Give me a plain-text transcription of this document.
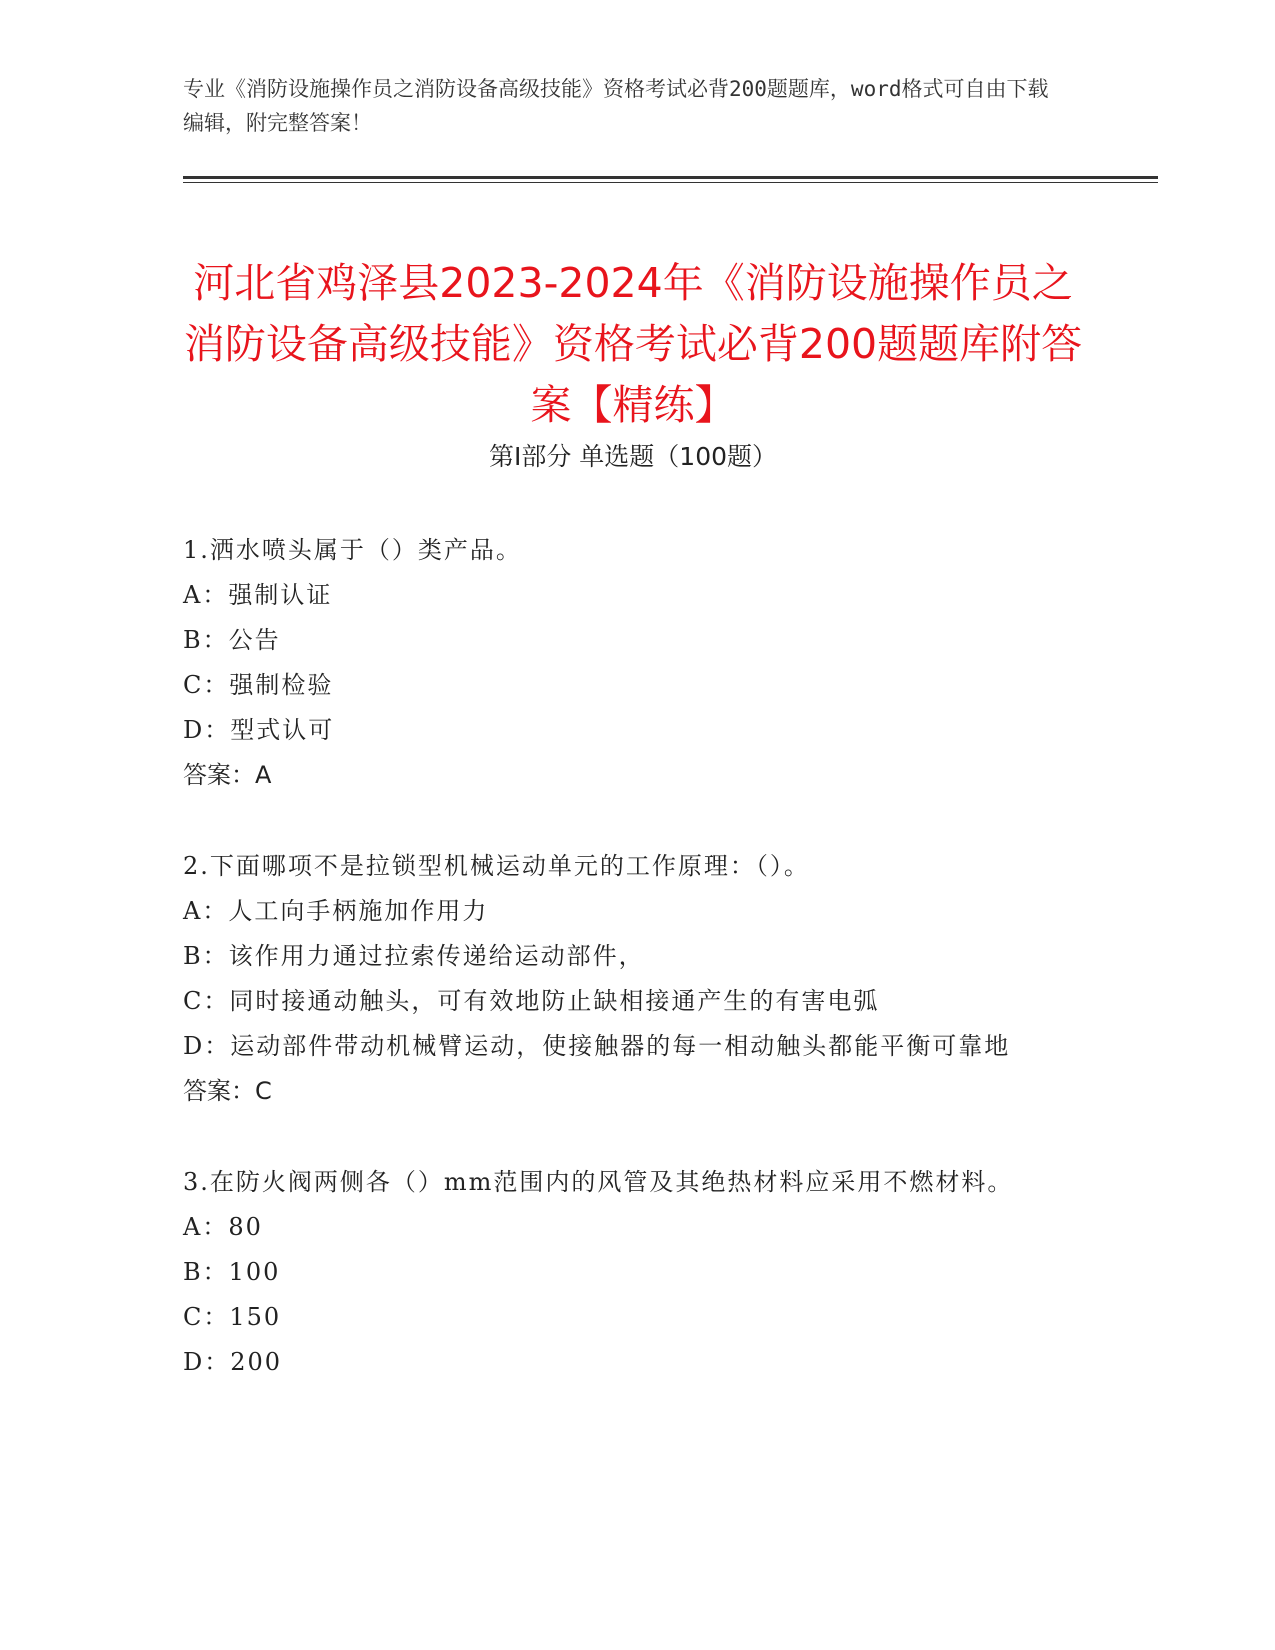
专业《消防设施操作员之消防设备高级技能》资格考试必背200题题库，word格式可自由下载编辑，附完整答案！
河北省鸡泽县2023-2024年《消防设施操作员之消防设备高级技能》资格考试必背200题题库附答案【精练】
第Ⅰ部分 单选题（100题）
1.洒水喷头属于（）类产品。
A：强制认证
B：公告
C：强制检验
D：型式认可
答案：A
2.下面哪项不是拉锁型机械运动单元的工作原理：（）。
A：人工向手柄施加作用力
B：该作用力通过拉索传递给运动部件，
C：同时接通动触头，可有效地防止缺相接通产生的有害电弧
D：运动部件带动机械臂运动，使接触器的每一相动触头都能平衡可靠地
答案：C
3.在防火阀两侧各（）mm范围内的风管及其绝热材料应采用不燃材料。
A：80
B：100
C：150
D：200
